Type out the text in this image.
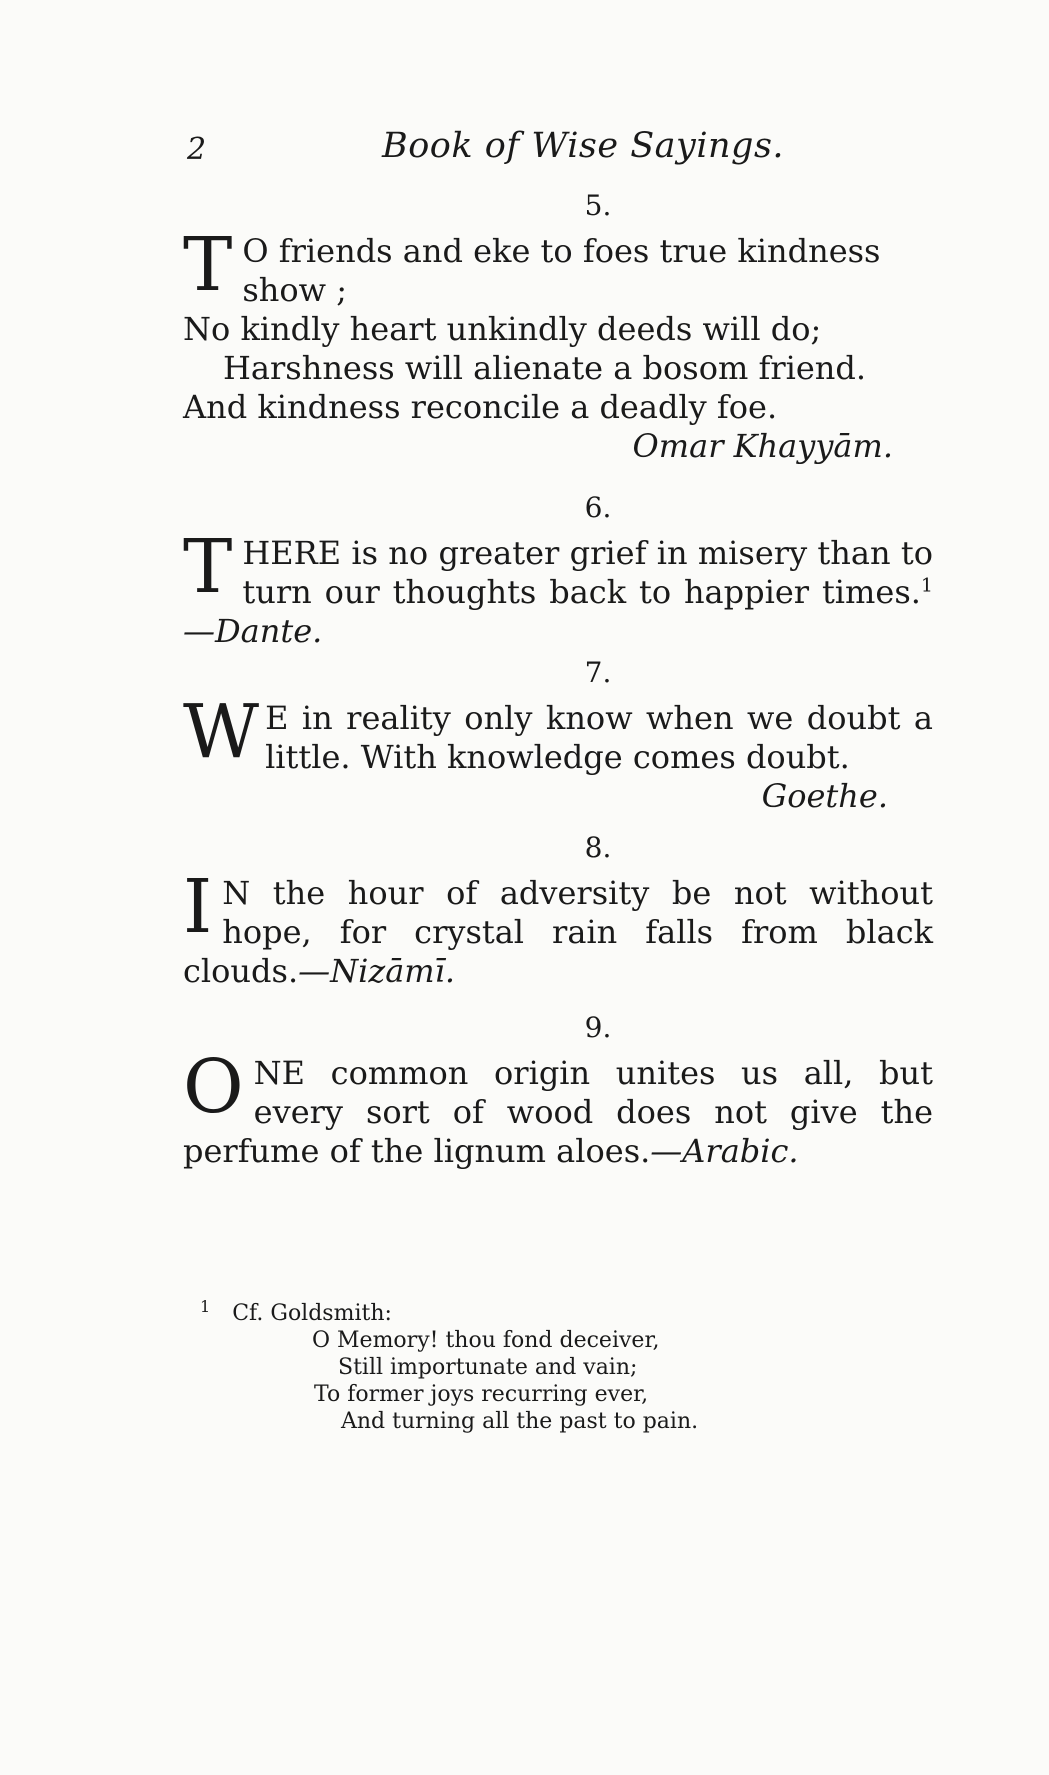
2	Book of Wise Sayings.
5.
T O friends and eke to foes true kindness
show ;
No kindly heart unkindly deeds will do;
Harshness will alienate a bosom friend.
And kindness reconcile a deadly foe.
Omar Khayyām.
6.
THERE is no greater grief in misery than to turn our thoughts back to happier times.$^1$—Dante.
7.
W E in reality only know when we doubt a little. With knowledge comes doubt.
Goethe.
8.
I N the hour of adversity be not without hope, for crystal rain falls from black clouds.—Nizāmī.
9.
ONE common origin unites us all, but every sort of wood does not give the perfume of the lignum aloes.—Arabic.
$^1$ Cf. Goldsmith:
O Memory! thou fond deceiver,
Still importunate and vain;
To former joys recurring ever,
And turning all the past to pain.
